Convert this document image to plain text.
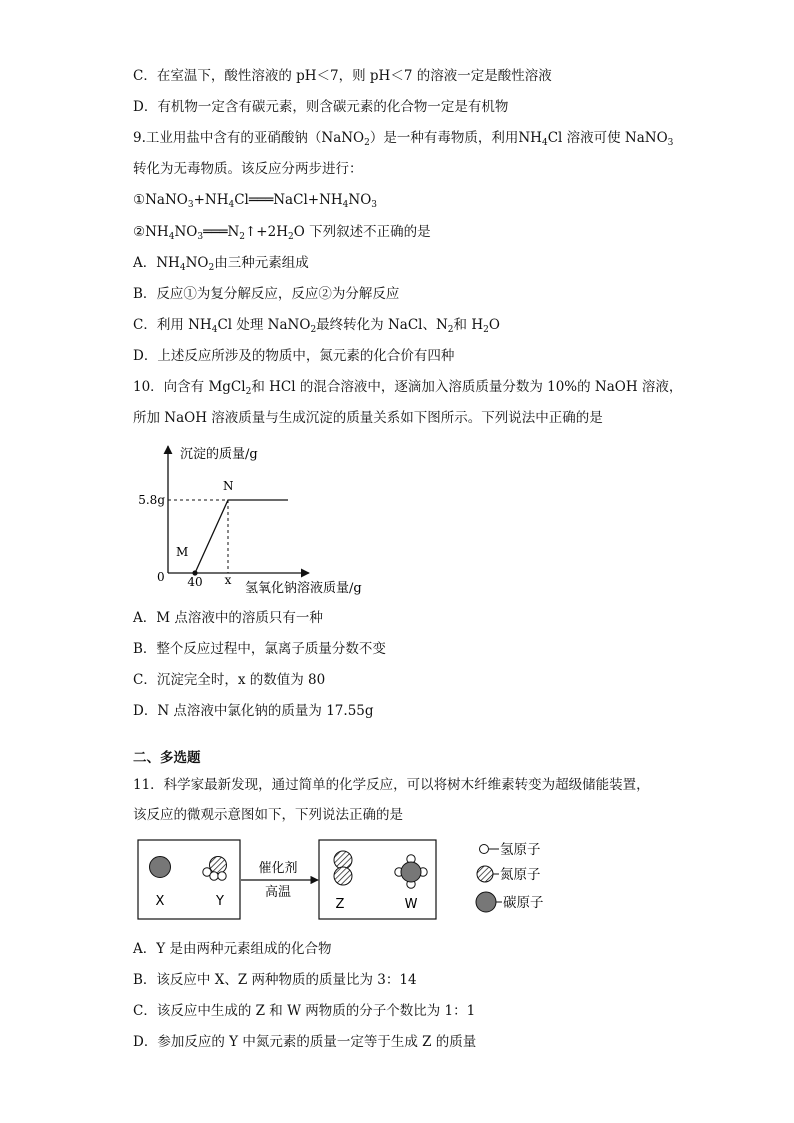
C．在室温下，酸性溶液的 pH＜7，则 pH＜7 的溶液一定是酸性溶液
D．有机物一定含有碳元素，则含碳元素的化合物一定是有机物
9.工业用盐中含有的亚硝酸钠（NaNO$_2$）是一种有毒物质，利用$NH_4Cl$ 溶液可使 NaNO$_3$
转化为无毒物质。该反应分两步进行：
$①NaNO_3+NH_4Cl═══NaCl+NH_4NO_3$
$②NH_4NO_3═══N_2↑+2H_2O$ 下列叙述不正确的是
A．$NH_4NO_2$由三种元素组成
B．反应①为复分解反应，反应②为分解反应
C．利用 $NH_4Cl$ 处理 NaNO$_2$最终转化为 NaCl、$N_2$和 $H_2O$
D．上述反应所涉及的物质中，氮元素的化合价有四种
10．向含有 MgCl$_2$和 HCl 的混合溶液中，逐滴加入溶质质量分数为 10%的 NaOH 溶液，
所加 NaOH 溶液质量与生成沉淀的质量关系如下图所示。下列说法中正确的是
沉淀的质量/g
氢氧化钠溶液质量/g
0
5.8g
40 x
M
N
A．M 点溶液中的溶质只有一种
B．整个反应过程中，氯离子质量分数不变
C．沉淀完全时，x 的数值为 80
D．N 点溶液中氯化钠的质量为 17.55g
二、多选题
11．科学家最新发现，通过简单的化学反应，可以将树木纤维素转变为超级储能装置，
该反应的微观示意图如下，下列说法正确的是
X	Y
催化剂
高温
Z	W
氢原子
氮原子
碳原子
A．Y 是由两种元素组成的化合物
B．该反应中 X、Z 两种物质的质量比为 3：14
C．该反应中生成的 Z 和 W 两物质的分子个数比为 1：1
D．参加反应的 Y 中氮元素的质量一定等于生成 Z 的质量
